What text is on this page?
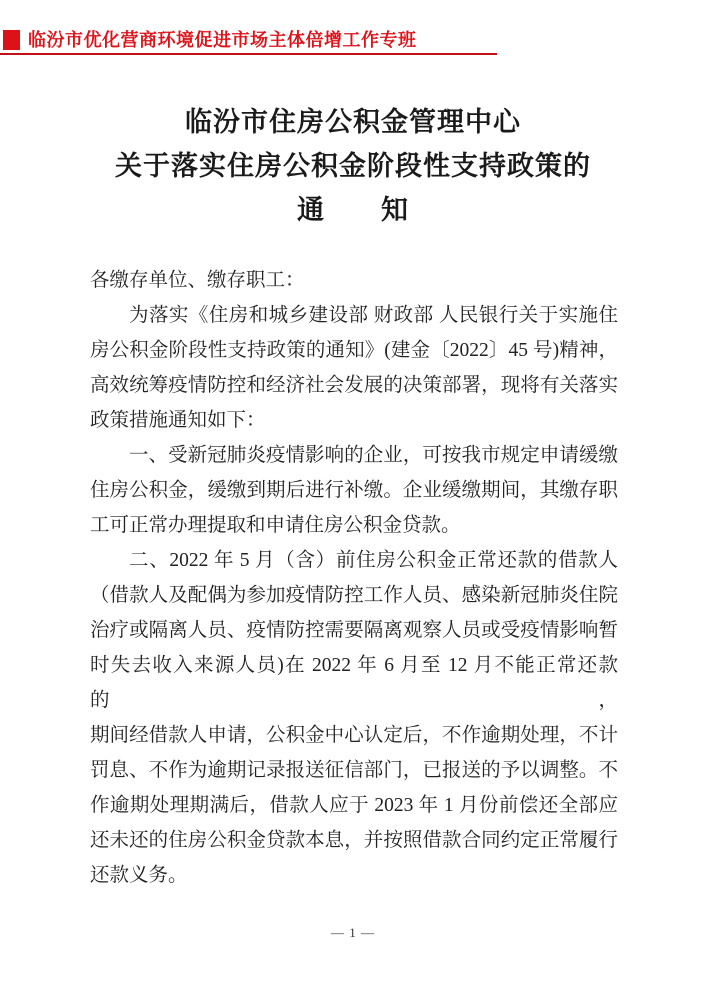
临汾市优化营商环境促进市场主体倍增工作专班
临汾市住房公积金管理中心
关于落实住房公积金阶段性支持政策的
通　　知
各缴存单位、缴存职工：
为落实《住房和城乡建设部 财政部 人民银行关于实施住
房公积金阶段性支持政策的通知》(建金〔2022〕45 号)精神，
高效统筹疫情防控和经济社会发展的决策部署，现将有关落实
政策措施通知如下：
一、受新冠肺炎疫情影响的企业，可按我市规定申请缓缴
住房公积金，缓缴到期后进行补缴。企业缓缴期间，其缴存职
工可正常办理提取和申请住房公积金贷款。
二、2022 年 5 月（含）前住房公积金正常还款的借款人
（借款人及配偶为参加疫情防控工作人员、感染新冠肺炎住院
治疗或隔离人员、疫情防控需要隔离观察人员或受疫情影响暂
时失去收入来源人员)在 2022 年 6 月至 12 月不能正常还款的，
期间经借款人申请，公积金中心认定后，不作逾期处理，不计
罚息、不作为逾期记录报送征信部门，已报送的予以调整。不
作逾期处理期满后，借款人应于 2023 年 1 月份前偿还全部应
还未还的住房公积金贷款本息，并按照借款合同约定正常履行
还款义务。
— 1 —
